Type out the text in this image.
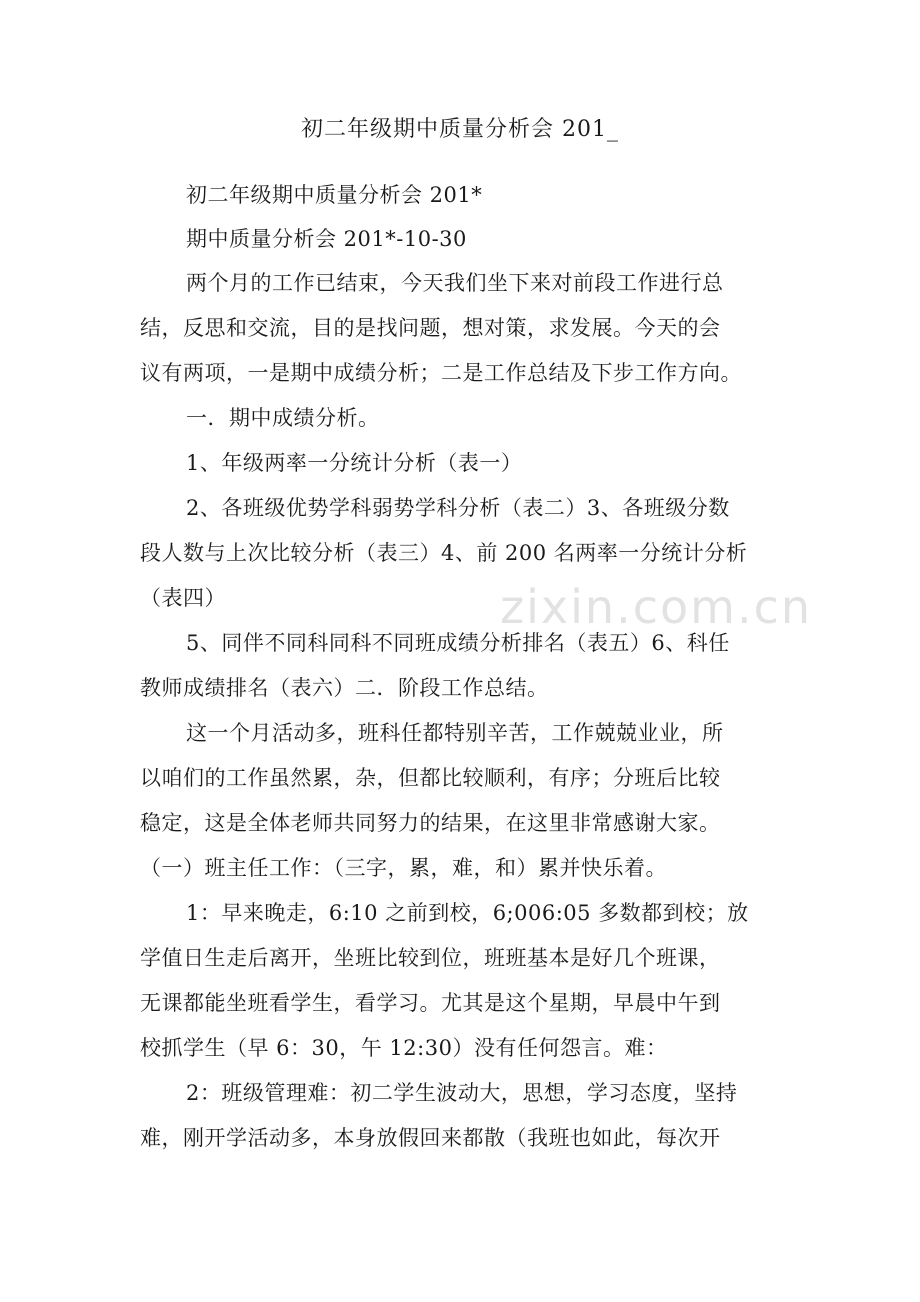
zixin.com.cn
初二年级期中质量分析会 201_
初二年级期中质量分析会 201*
期中质量分析会 201*-10-30
两个月的工作已结束，今天我们坐下来对前段工作进行总
结，反思和交流，目的是找问题，想对策，求发展。今天的会
议有两项，一是期中成绩分析；二是工作总结及下步工作方向。
一．期中成绩分析。
1、年级两率一分统计分析（表一）
2、各班级优势学科弱势学科分析（表二）3、各班级分数
段人数与上次比较分析（表三）4、前 200 名两率一分统计分析
（表四）
5、同伴不同科同科不同班成绩分析排名（表五）6、科任
教师成绩排名（表六）二．阶段工作总结。
这一个月活动多，班科任都特别辛苦，工作兢兢业业，所
以咱们的工作虽然累，杂，但都比较顺利，有序；分班后比较
稳定，这是全体老师共同努力的结果，在这里非常感谢大家。
（一）班主任工作：（三字，累，难，和）累并快乐着。
1：早来晚走，6:10 之前到校，6;006:05 多数都到校；放
学值日生走后离开，坐班比较到位，班班基本是好几个班课，
无课都能坐班看学生，看学习。尤其是这个星期，早晨中午到
校抓学生（早 6：30，午 12:30）没有任何怨言。难：
2：班级管理难：初二学生波动大，思想，学习态度，坚持
难，刚开学活动多，本身放假回来都散（我班也如此，每次开
